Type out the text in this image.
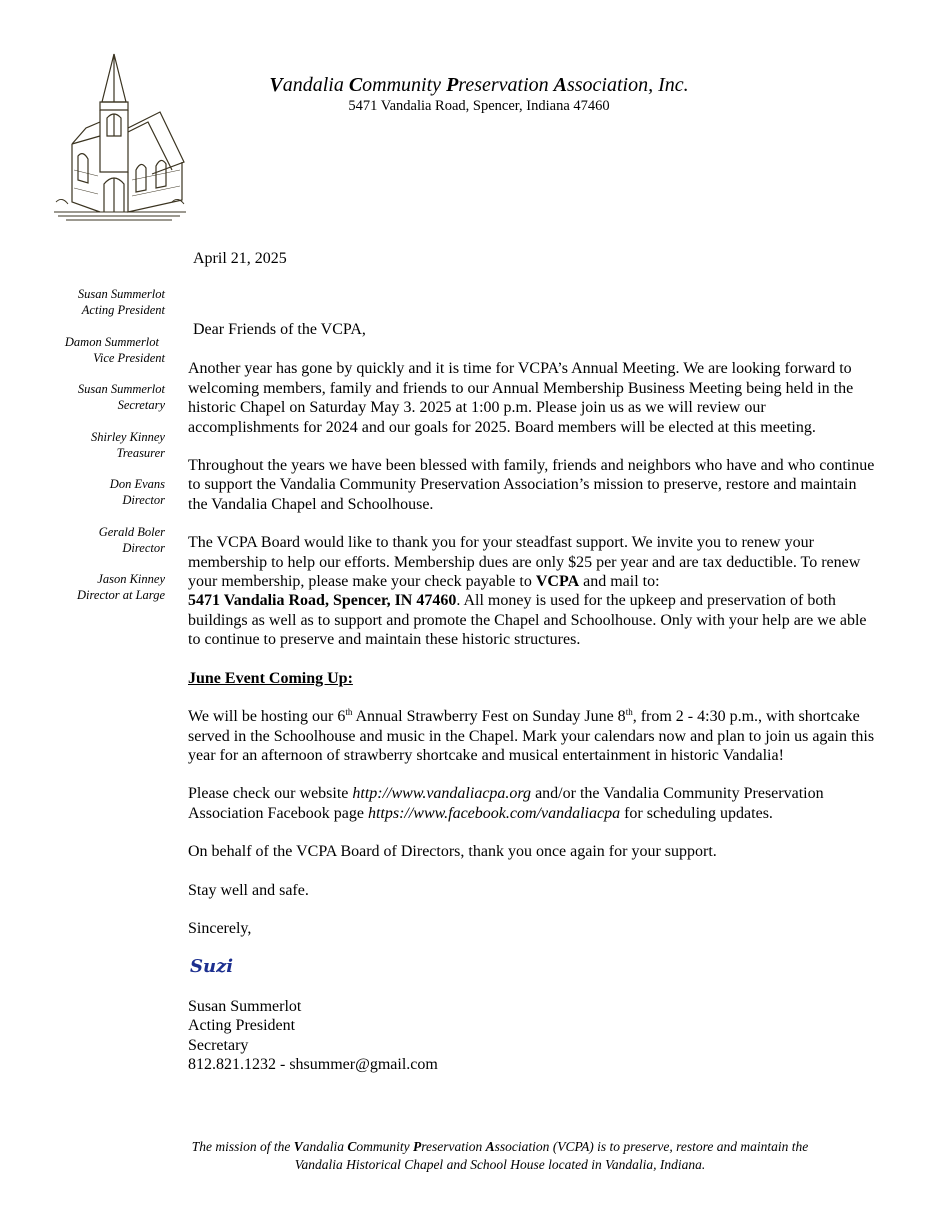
Vandalia Community Preservation Association, Inc.
5471 Vandalia Road, Spencer, Indiana 47460
April 21, 2025
Susan Summerlot
Acting President
Damon Summerlot
Vice President
Susan Summerlot
Secretary
Shirley Kinney
Treasurer
Don Evans
Director
Gerald Boler
Director
Jason Kinney
Director at Large

Dear Friends of the VCPA,

Another year has gone by quickly and it is time for VCPA’s Annual Meeting. We are looking forward to welcoming members, family and friends to our Annual Membership Business Meeting being held in the historic Chapel on Saturday May 3. 2025 at 1:00 p.m. Please join us as we will review our accomplishments for 2024 and our goals for 2025. Board members will be elected at this meeting.

Throughout the years we have been blessed with family, friends and neighbors who have and who continue to support the Vandalia Community Preservation Association’s mission to preserve, restore and maintain the Vandalia Chapel and Schoolhouse.

The VCPA Board would like to thank you for your steadfast support. We invite you to renew your membership to help our efforts. Membership dues are only $25 per year and are tax deductible. To renew your membership, please make your check payable to VCPA and mail to:
5471 Vandalia Road, Spencer, IN 47460. All money is used for the upkeep and preservation of both buildings as well as to support and promote the Chapel and Schoolhouse. Only with your help are we able to continue to preserve and maintain these historic structures.

June Event Coming Up:

We will be hosting our 6th Annual Strawberry Fest on Sunday June 8th, from 2 - 4:30 p.m., with shortcake served in the Schoolhouse and music in the Chapel. Mark your calendars now and plan to join us again this year for an afternoon of strawberry shortcake and musical entertainment in historic Vandalia!

Please check our website http://www.vandaliacpa.org and/or the Vandalia Community Preservation Association Facebook page https://www.facebook.com/vandaliacpa for scheduling updates.

On behalf of the VCPA Board of Directors, thank you once again for your support.

Stay well and safe.

Sincerely,

Suzi

Susan Summerlot

Acting President

Secretary

812.821.1232 - shsummer@gmail.com

The mission of the Vandalia Community Preservation Association (VCPA) is to preserve, restore and maintain the
Vandalia Historical Chapel and School House located in Vandalia, Indiana.
